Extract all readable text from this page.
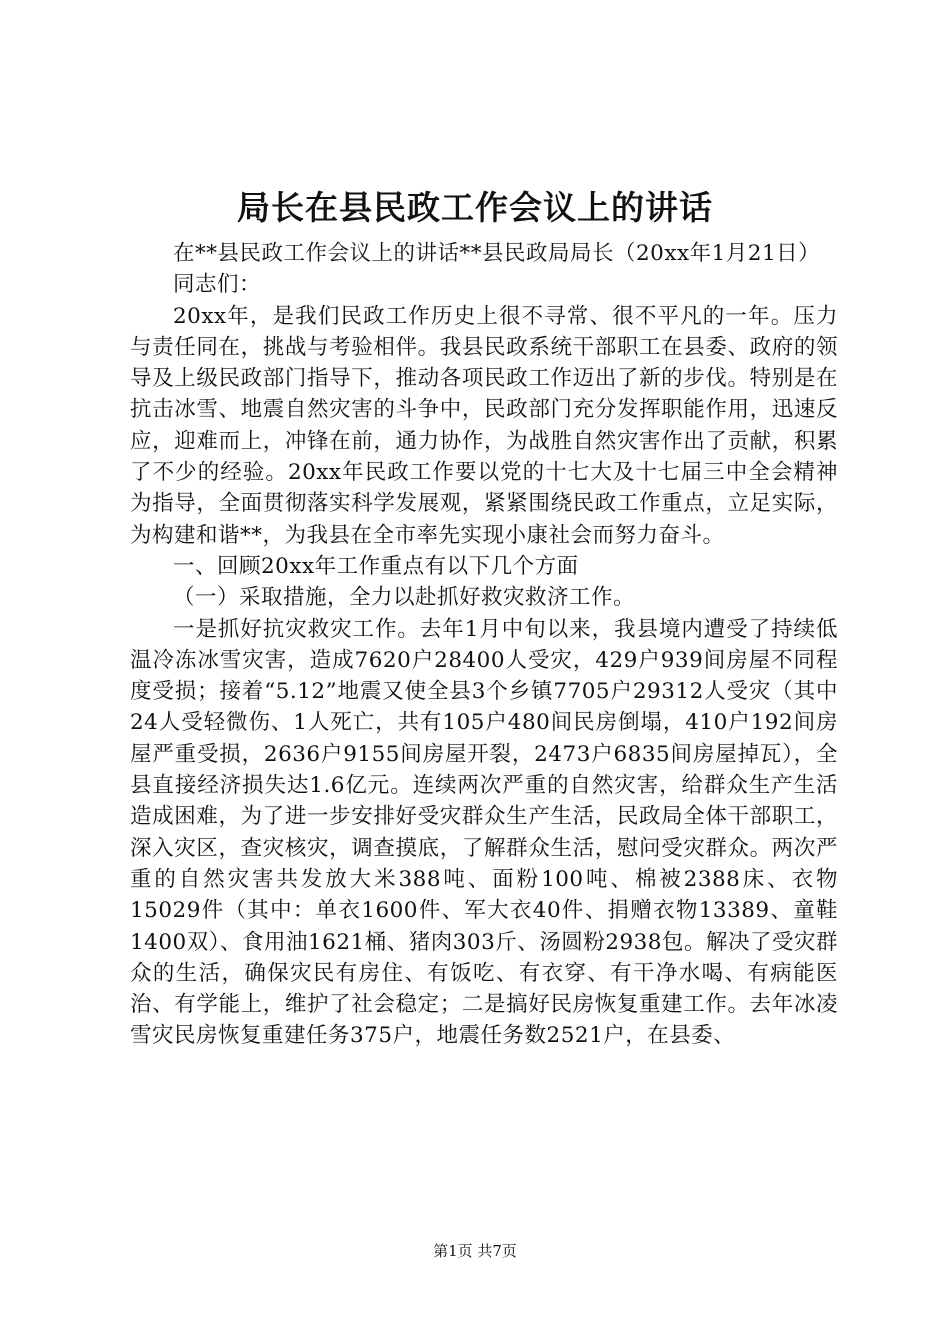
局长在县民政工作会议上的讲话

在**县民政工作会议上的讲话**县民政局局长（20xx年1月21日）

同志们：

20xx年，是我们民政工作历史上很不寻常、很不平凡的一年。压力与责任同在，挑战与考验相伴。我县民政系统干部职工在县委、政府的领导及上级民政部门指导下，推动各项民政工作迈出了新的步伐。特别是在抗击冰雪、地震自然灾害的斗争中，民政部门充分发挥职能作用，迅速反应，迎难而上，冲锋在前，通力协作，为战胜自然灾害作出了贡献，积累了不少的经验。20xx年民政工作要以党的十七大及十七届三中全会精神为指导，全面贯彻落实科学发展观，紧紧围绕民政工作重点，立足实际，为构建和谐**，为我县在全市率先实现小康社会而努力奋斗。

一、回顾20xx年工作重点有以下几个方面

（一）采取措施，全力以赴抓好救灾救济工作。

一是抓好抗灾救灾工作。去年1月中旬以来，我县境内遭受了持续低温冷冻冰雪灾害，造成7620户28400人受灾，429户939间房屋不同程度受损；接着“5.12”地震又使全县3个乡镇7705户29312人受灾（其中24人受轻微伤、1人死亡，共有105户480间民房倒塌，410户192间房屋严重受损，2636户9155间房屋开裂，2473户6835间房屋掉瓦），全县直接经济损失达1.6亿元。连续两次严重的自然灾害，给群众生产生活造成困难，为了进一步安排好受灾群众生产生活，民政局全体干部职工，深入灾区，查灾核灾，调查摸底，了解群众生活，慰问受灾群众。两次严重的自然灾害共发放大米388吨、面粉100吨、棉被2388床、衣物15029件（其中：单衣1600件、军大衣40件、捐赠衣物13389、童鞋1400双）、食用油1621桶、猪肉303斤、汤圆粉2938包。解决了受灾群众的生活，确保灾民有房住、有饭吃、有衣穿、有干净水喝、有病能医治、有学能上，维护了社会稳定；二是搞好民房恢复重建工作。去年冰凌雪灾民房恢复重建任务375户，地震任务数2521户，在县委、

第1页 共7页
